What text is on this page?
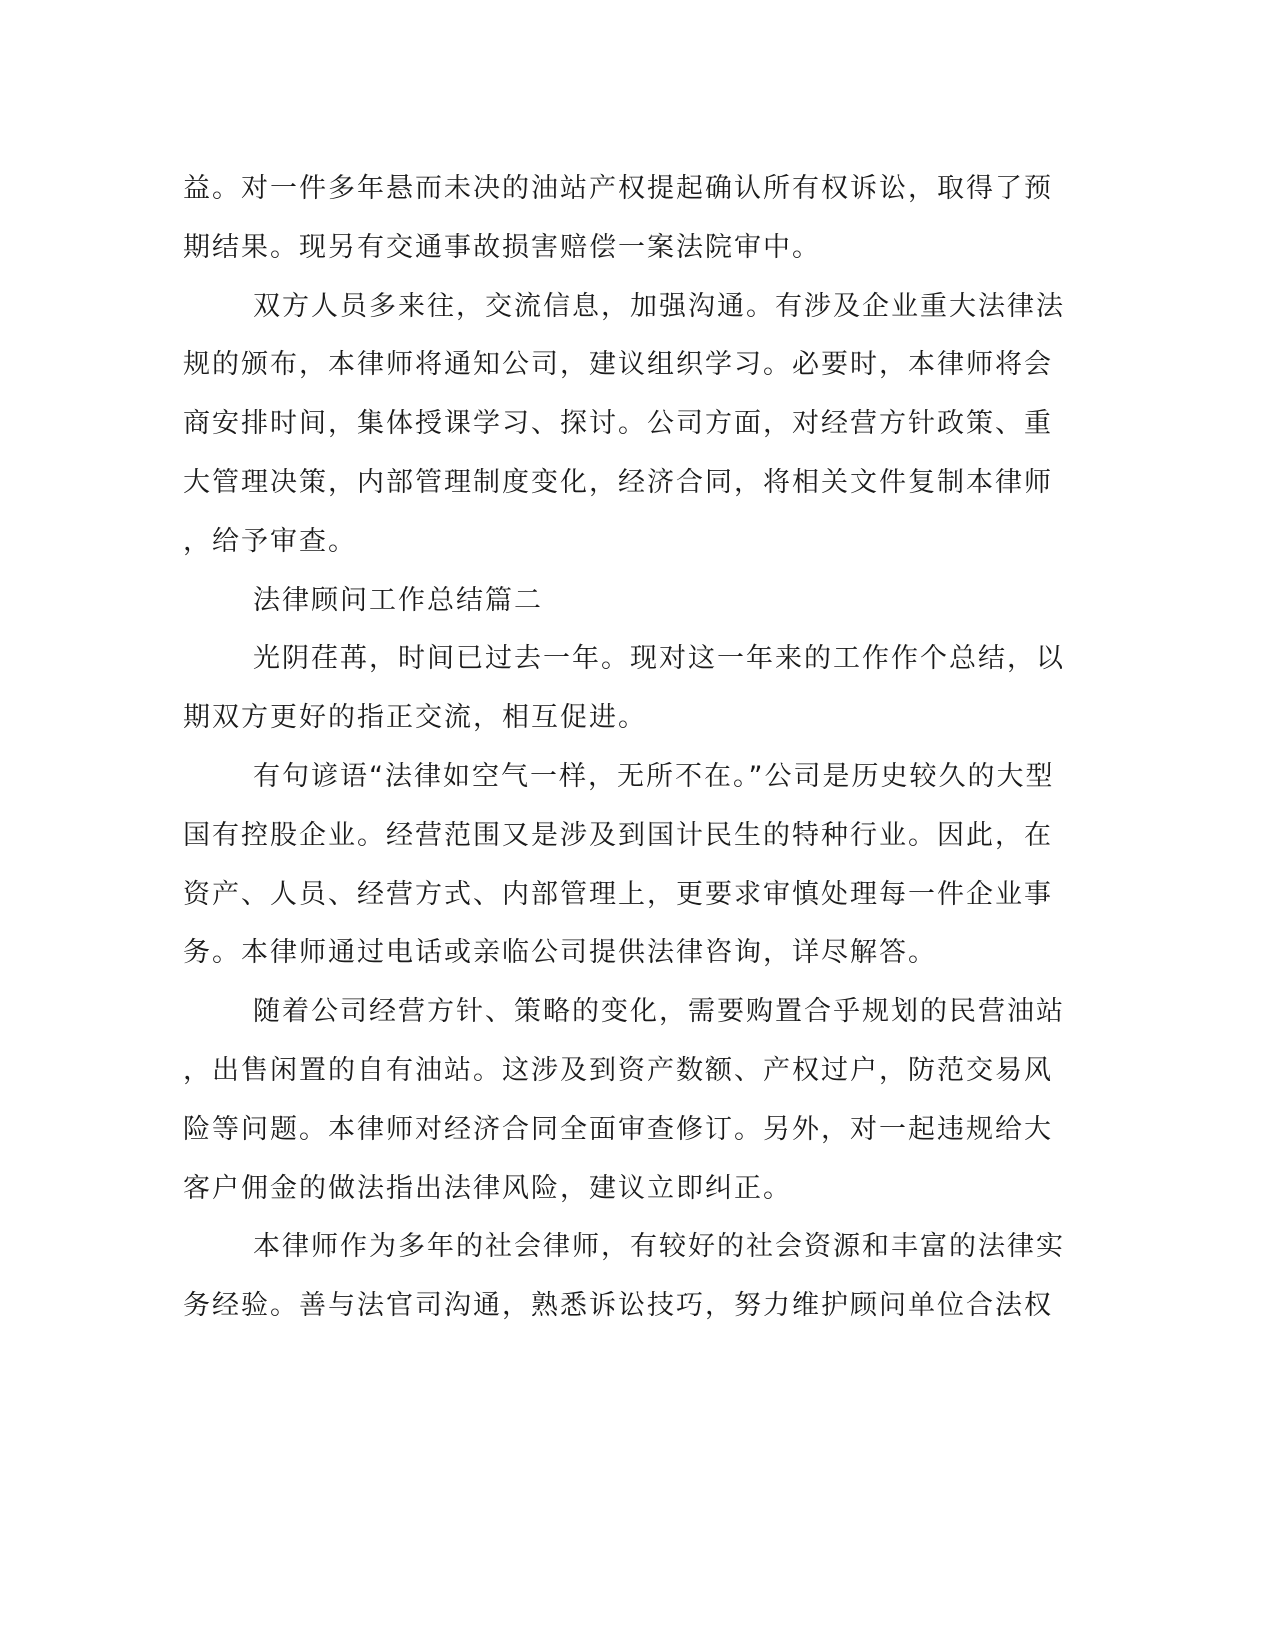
益。对一件多年悬而未决的油站产权提起确认所有权诉讼，取得了预
期结果。现另有交通事故损害赔偿一案法院审中。
双方人员多来往，交流信息，加强沟通。有涉及企业重大法律法
规的颁布，本律师将通知公司，建议组织学习。必要时，本律师将会
商安排时间，集体授课学习、探讨。公司方面，对经营方针政策、重
大管理决策，内部管理制度变化，经济合同，将相关文件复制本律师
，给予审查。
法律顾问工作总结篇二
光阴荏苒，时间已过去一年。现对这一年来的工作作个总结，以
期双方更好的指正交流，相互促进。
有句谚语“法律如空气一样，无所不在。”公司是历史较久的大型
国有控股企业。经营范围又是涉及到国计民生的特种行业。因此，在
资产、人员、经营方式、内部管理上，更要求审慎处理每一件企业事
务。本律师通过电话或亲临公司提供法律咨询，详尽解答。
随着公司经营方针、策略的变化，需要购置合乎规划的民营油站
，出售闲置的自有油站。这涉及到资产数额、产权过户，防范交易风
险等问题。本律师对经济合同全面审查修订。另外，对一起违规给大
客户佣金的做法指出法律风险，建议立即纠正。
本律师作为多年的社会律师，有较好的社会资源和丰富的法律实
务经验。善与法官司沟通，熟悉诉讼技巧，努力维护顾问单位合法权
